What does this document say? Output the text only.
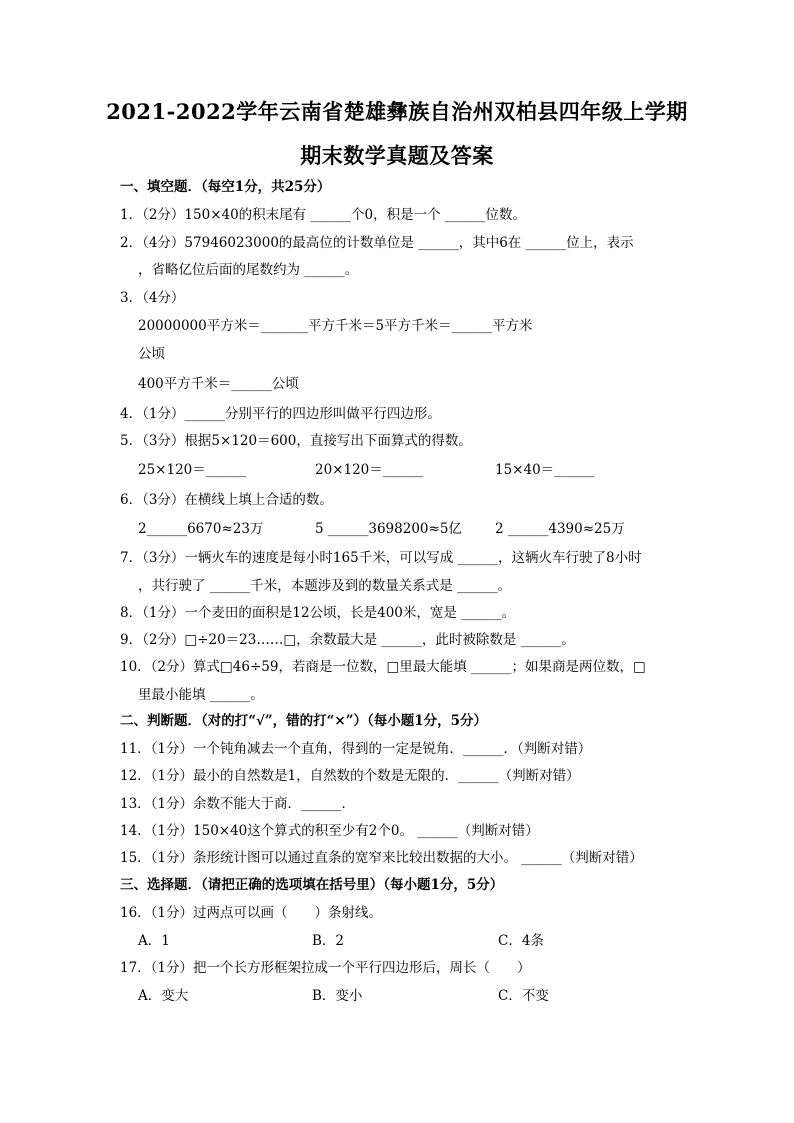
2021-2022学年云南省楚雄彝族自治州双柏县四年级上学期
期末数学真题及答案
一、填空题．（每空1分，共25分）
1．（2分）150×40的积末尾有 ______个0，积是一个 ______位数。
2．（4分）57946023000的最高位的计数单位是 ______，其中6在 ______位上，表示
，省略亿位后面的尾数约为 ______。
3．（4分）
20000000平方米＝_______平方千米＝5平方千米＝______平方米
公顷
400平方千米＝______公顷
4．（1分）______分别平行的四边形叫做平行四边形。
5．（3分）根据5×120＝600，直接写出下面算式的得数。
25×120＝______	20×120＝______	15×40＝______
6．（3分）在横线上填上合适的数。
2______6670≈23万	5 ______3698200≈5亿 2 ______4390≈25万
7．（3分）一辆火车的速度是每小时165千米，可以写成 ______，这辆火车行驶了8小时
，共行驶了 ______千米，本题涉及到的数量关系式是 ______。
8．（1分）一个麦田的面积是12公顷，长是400米，宽是 ______。
9．（2分）□÷20＝23……□，余数最大是 ______，此时被除数是 ______。
10．（2分）算式□46÷59，若商是一位数，□里最大能填 ______；如果商是两位数，□
里最小能填 ______。
二、判断题．（对的打“√”，错的打“×”）（每小题1分，5分）
11．（1分）一个钝角减去一个直角，得到的一定是锐角．______．（判断对错）
12．（1分）最小的自然数是1，自然数的个数是无限的．______（判断对错）
13．（1分）余数不能大于商．______．
14．（1分）150×40这个算式的积至少有2个0。 ______（判断对错）
15．（1分）条形统计图可以通过直条的宽窄来比较出数据的大小。 ______（判断对错）
三、选择题．（请把正确的选项填在括号里）（每小题1分，5分）
16．（1分）过两点可以画（　　）条射线。
A．1	B．2	C．4条
17．（1分）把一个长方形框架拉成一个平行四边形后，周长（　　）
A．变大	B．变小	C．不变
